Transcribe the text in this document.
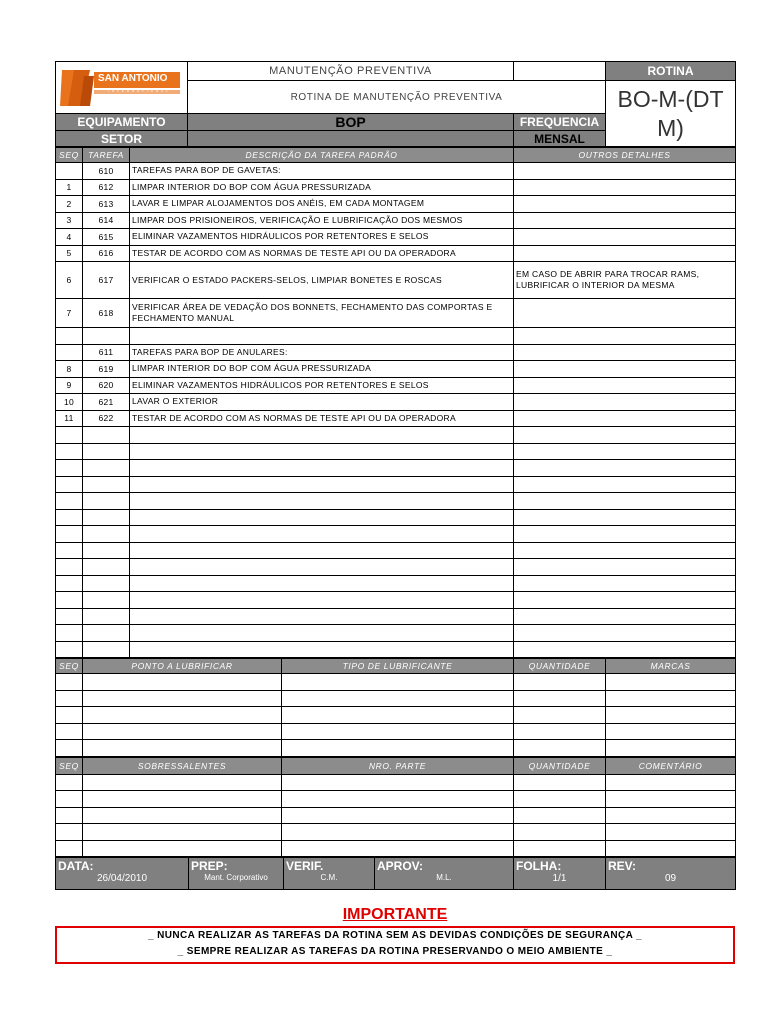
SAN ANTONIO
INTERNATIONAL	MANUTENÇÃO PREVENTIVA		ROTINA
	ROTINA DE MANUTENÇÃO PREVENTIVA		BO-M-(DTM)
EQUIPAMENTO	BOP	FREQUENCIA	
SETOR		MENSAL	
SEQ	TAREFA	DESCRIÇÃO DA TAREFA PADRÃO	OUTROS DETALHES
	610	TAREFAS PARA BOP DE GAVETAS:	
1	612	LIMPAR INTERIOR DO BOP COM ÁGUA PRESSURIZADA	
2	613	LAVAR E LIMPAR ALOJAMENTOS DOS ANÉIS, EM CADA MONTAGEM	
3	614	LIMPAR DOS PRISIONEIROS, VERIFICAÇÃO E LUBRIFICAÇÃO DOS MESMOS	
4	615	ELIMINAR VAZAMENTOS HIDRÁULICOS POR RETENTORES E SELOS	
5	616	TESTAR DE ACORDO COM AS NORMAS DE TESTE API OU DA OPERADORA	
6	617	VERIFICAR O ESTADO PACKERS-SELOS, LIMPIAR BONETES E ROSCAS	EM CASO DE ABRIR PARA TROCAR RAMS, LUBRIFICAR O INTERIOR DA MESMA
7	618	VERIFICAR ÁREA DE VEDAÇÃO DOS BONNETS, FECHAMENTO DAS COMPORTAS E FECHAMENTO MANUAL	

	611	TAREFAS PARA BOP DE ANULARES:	
8	619	LIMPAR INTERIOR DO BOP COM ÁGUA PRESSURIZADA	
9	620	ELIMINAR VAZAMENTOS HIDRÁULICOS POR RETENTORES E SELOS	
10	621	LAVAR O EXTERIOR	
11	622	TESTAR DE ACORDO COM AS NORMAS DE TESTE API OU DA OPERADORA	

SEQ	PONTO A LUBRIFICAR	TIPO DE LUBRIFICANTE	QUANTIDADE	MARCAS

SEQ	SOBRESSALENTES	NRO. PARTE	QUANTIDADE	COMENTÁRIO

DATA:
26/04/2010

PREP:
Mant. Corporativo

VERIF.
C.M.

APROV:
M.L.

FOLHA:
1/1

REV:
09
IMPORTANTE
_ NUNCA REALIZAR AS TAREFAS DA ROTINA SEM AS DEVIDAS CONDIÇÕES DE SEGURANÇA _
_ SEMPRE REALIZAR AS TAREFAS DA ROTINA PRESERVANDO O MEIO AMBIENTE _
